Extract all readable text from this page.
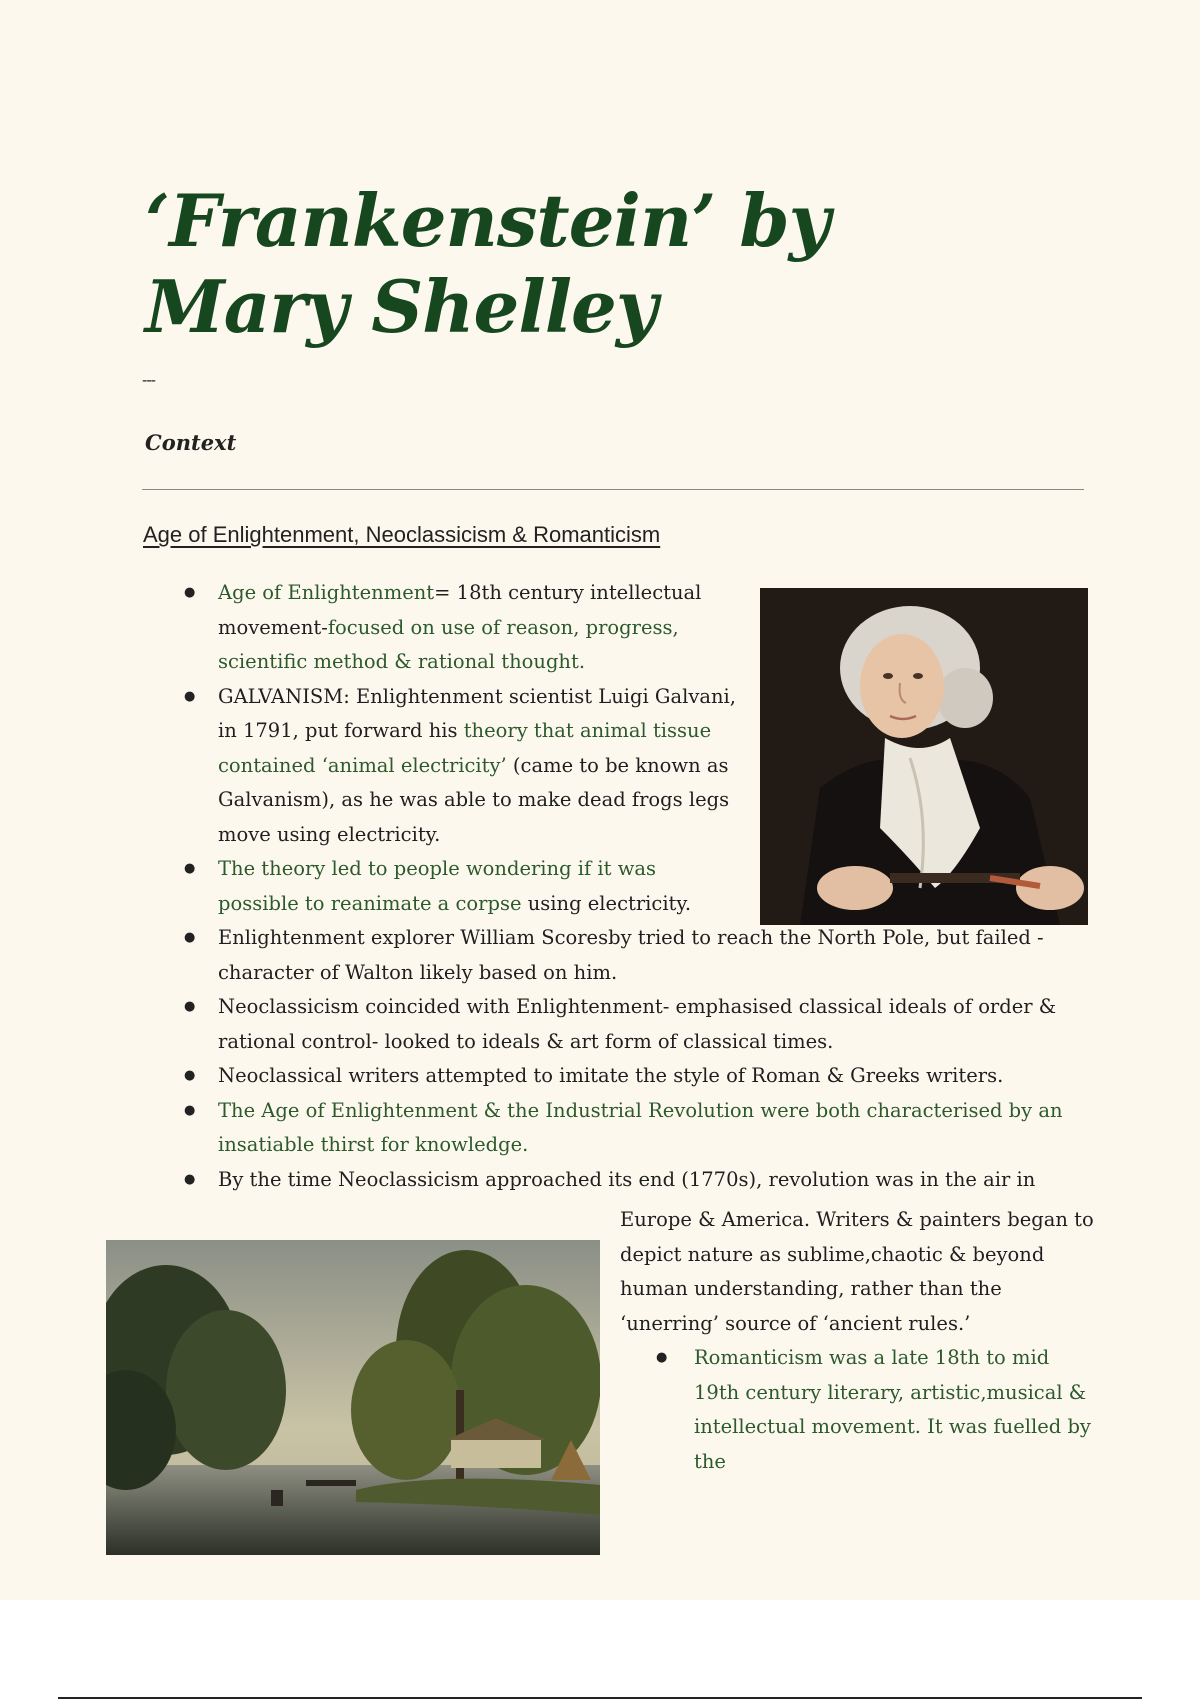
‘Frankenstein’ by Mary Shelley
---
Context
Age of Enlightenment, Neoclassicism & Romanticism
● Age of Enlightenment= 18th century intellectual movement-focused on use of reason, progress, scientific method & rational thought.
● GALVANISM: Enlightenment scientist Luigi Galvani, in 1791, put forward his theory that animal tissue contained ‘animal electricity’ (came to be known as Galvanism), as he was able to make dead frogs legs move using electricity.
● The theory led to people wondering if it was possible to reanimate a corpse using electricity.
● Enlightenment explorer William Scoresby tried to reach the North Pole, but failed - character of Walton likely based on him.
● Neoclassicism coincided with Enlightenment- emphasised classical ideals of order & rational control- looked to ideals & art form of classical times.
● Neoclassical writers attempted to imitate the style of Roman & Greeks writers.
● The Age of Enlightenment & the Industrial Revolution were both characterised by an insatiable thirst for knowledge.
● By the time Neoclassicism approached its end (1770s), revolution was in the air in
Europe & America. Writers & painters began to depict nature as sublime,chaotic & beyond human understanding, rather than the ‘unerring’ source of ‘ancient rules.’
● Romanticism was a late 18th to mid 19th century literary, artistic,musical & intellectual movement. It was fuelled by the
